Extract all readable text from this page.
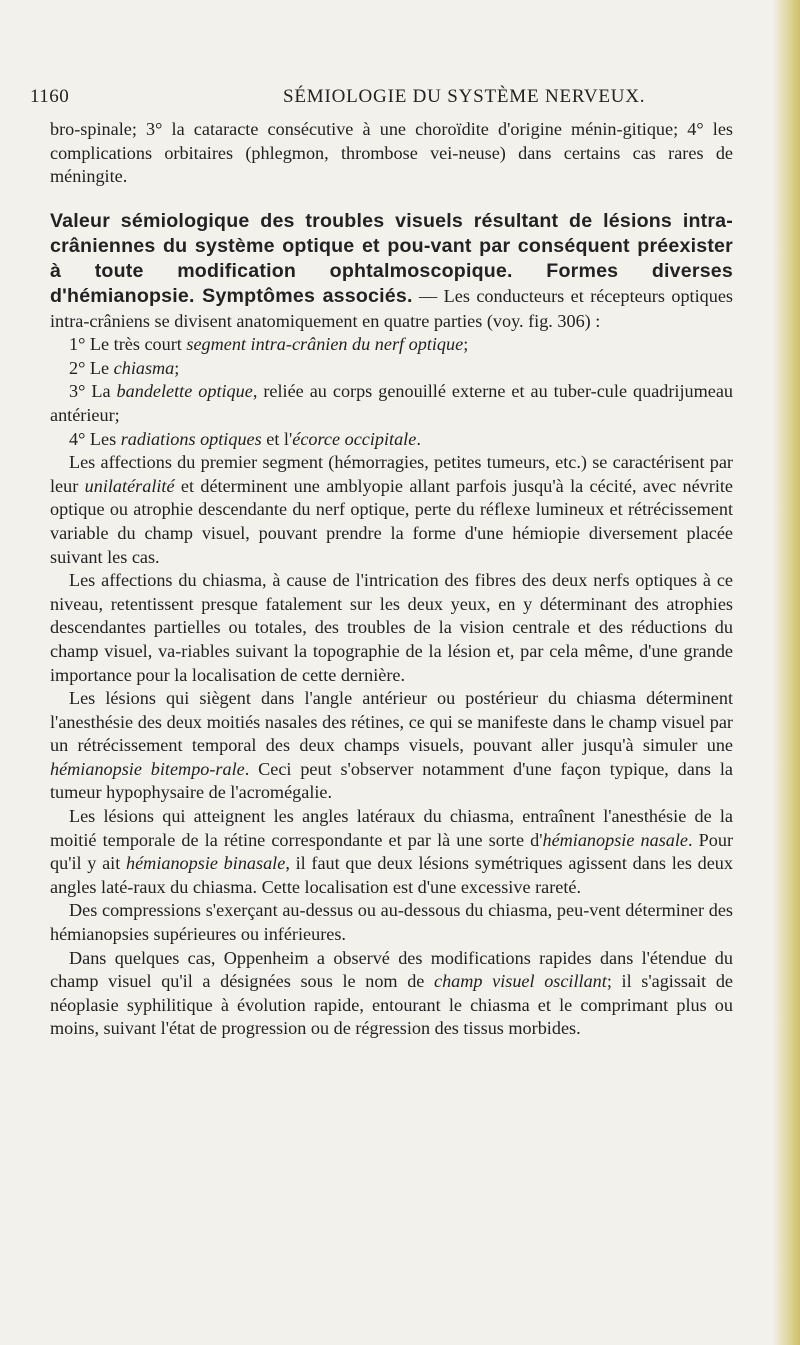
1160	SÉMIOLOGIE DU SYSTÈME NERVEUX.

bro-spinale; 3° la cataracte consécutive à une choroïdite d'origine ménin-gitique; 4° les complications orbitaires (phlegmon, thrombose vei-neuse) dans certains cas rares de méningite.

Valeur sémiologique des troubles visuels résultant de lésions intra-crâniennes du système optique et pou-vant par conséquent préexister à toute modification ophtalmoscopique. Formes diverses d'hémianopsie. Symptômes associés. — Les conducteurs et récepteurs optiques intra-crâniens se divisent anatomiquement en quatre parties (voy. fig. 306) :

1° Le très court segment intra-crânien du nerf optique;

2° Le chiasma;

3° La bandelette optique, reliée au corps genouillé externe et au tuber-cule quadrijumeau antérieur;

4° Les radiations optiques et l'écorce occipitale.

Les affections du premier segment (hémorragies, petites tumeurs, etc.) se caractérisent par leur unilatéralité et déterminent une amblyopie allant parfois jusqu'à la cécité, avec névrite optique ou atrophie descendante du nerf optique, perte du réflexe lumineux et rétrécissement variable du champ visuel, pouvant prendre la forme d'une hémiopie diversement placée suivant les cas.

Les affections du chiasma, à cause de l'intrication des fibres des deux nerfs optiques à ce niveau, retentissent presque fatalement sur les deux yeux, en y déterminant des atrophies descendantes partielles ou totales, des troubles de la vision centrale et des réductions du champ visuel, va-riables suivant la topographie de la lésion et, par cela même, d'une grande importance pour la localisation de cette dernière.

Les lésions qui siègent dans l'angle antérieur ou postérieur du chiasma déterminent l'anesthésie des deux moitiés nasales des rétines, ce qui se manifeste dans le champ visuel par un rétrécissement temporal des deux champs visuels, pouvant aller jusqu'à simuler une hémianopsie bitempo-rale. Ceci peut s'observer notamment d'une façon typique, dans la tumeur hypophysaire de l'acromégalie.

Les lésions qui atteignent les angles latéraux du chiasma, entraînent l'anesthésie de la moitié temporale de la rétine correspondante et par là une sorte d'hémianopsie nasale. Pour qu'il y ait hémianopsie binasale, il faut que deux lésions symétriques agissent dans les deux angles laté-raux du chiasma. Cette localisation est d'une excessive rareté.

Des compressions s'exerçant au-dessus ou au-dessous du chiasma, peu-vent déterminer des hémianopsies supérieures ou inférieures.

Dans quelques cas, Oppenheim a observé des modifications rapides dans l'étendue du champ visuel qu'il a désignées sous le nom de champ visuel oscillant; il s'agissait de néoplasie syphilitique à évolution rapide, entourant le chiasma et le comprimant plus ou moins, suivant l'état de progression ou de régression des tissus morbides.
